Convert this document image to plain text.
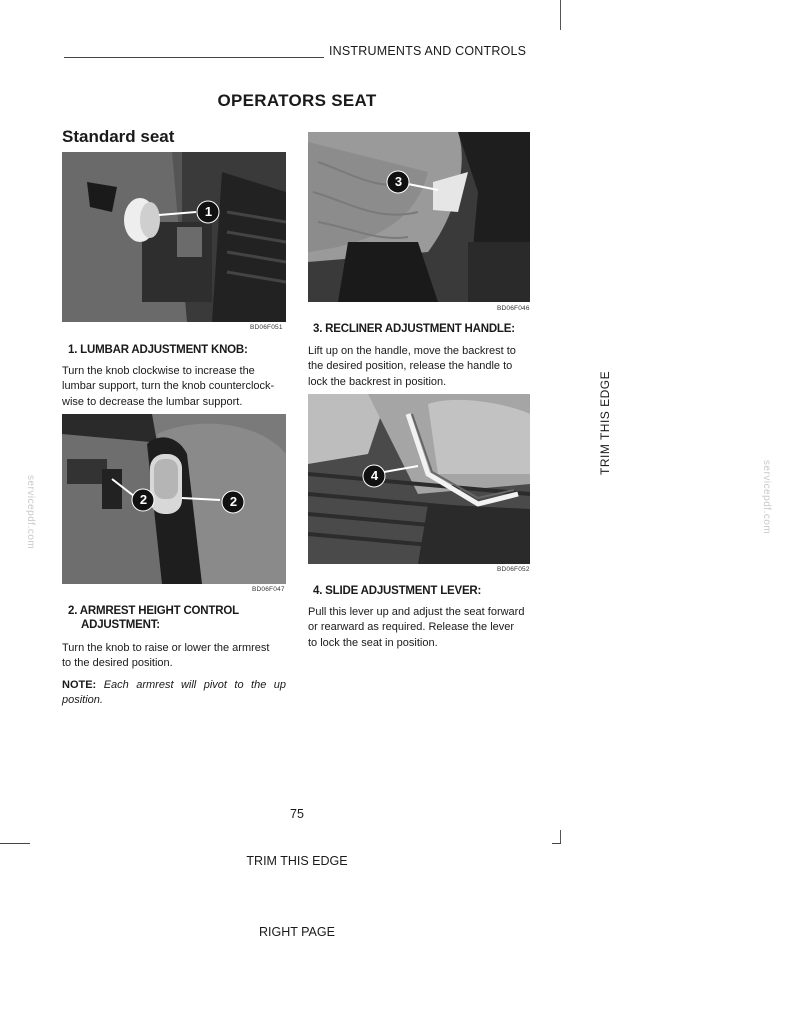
INSTRUMENTS AND CONTROLS
OPERATORS SEAT
Standard seat
1
BD06F051
1. LUMBAR ADJUSTMENT KNOB:
Turn the knob clockwise to increase the
lumbar support, turn the knob counterclock-
wise to decrease the lumbar support.
2	2
BD06F047
2. ARMREST HEIGHT CONTROL
ADJUSTMENT:
Turn the knob to raise or lower the armrest
to the desired position.
NOTE: Each armrest will pivot to the up
position.
3
BD06F046
3. RECLINER ADJUSTMENT HANDLE:
Lift up on the handle, move the backrest to
the desired position, release the handle to
lock the backrest in position.
4
BD06F052
4. SLIDE ADJUSTMENT LEVER:
Pull this lever up and adjust the seat forward
or rearward as required. Release the lever
to lock the seat in position.
TRIM THIS EDGE
servicepdf.com	servicepdf.com
75
TRIM THIS EDGE
RIGHT PAGE
